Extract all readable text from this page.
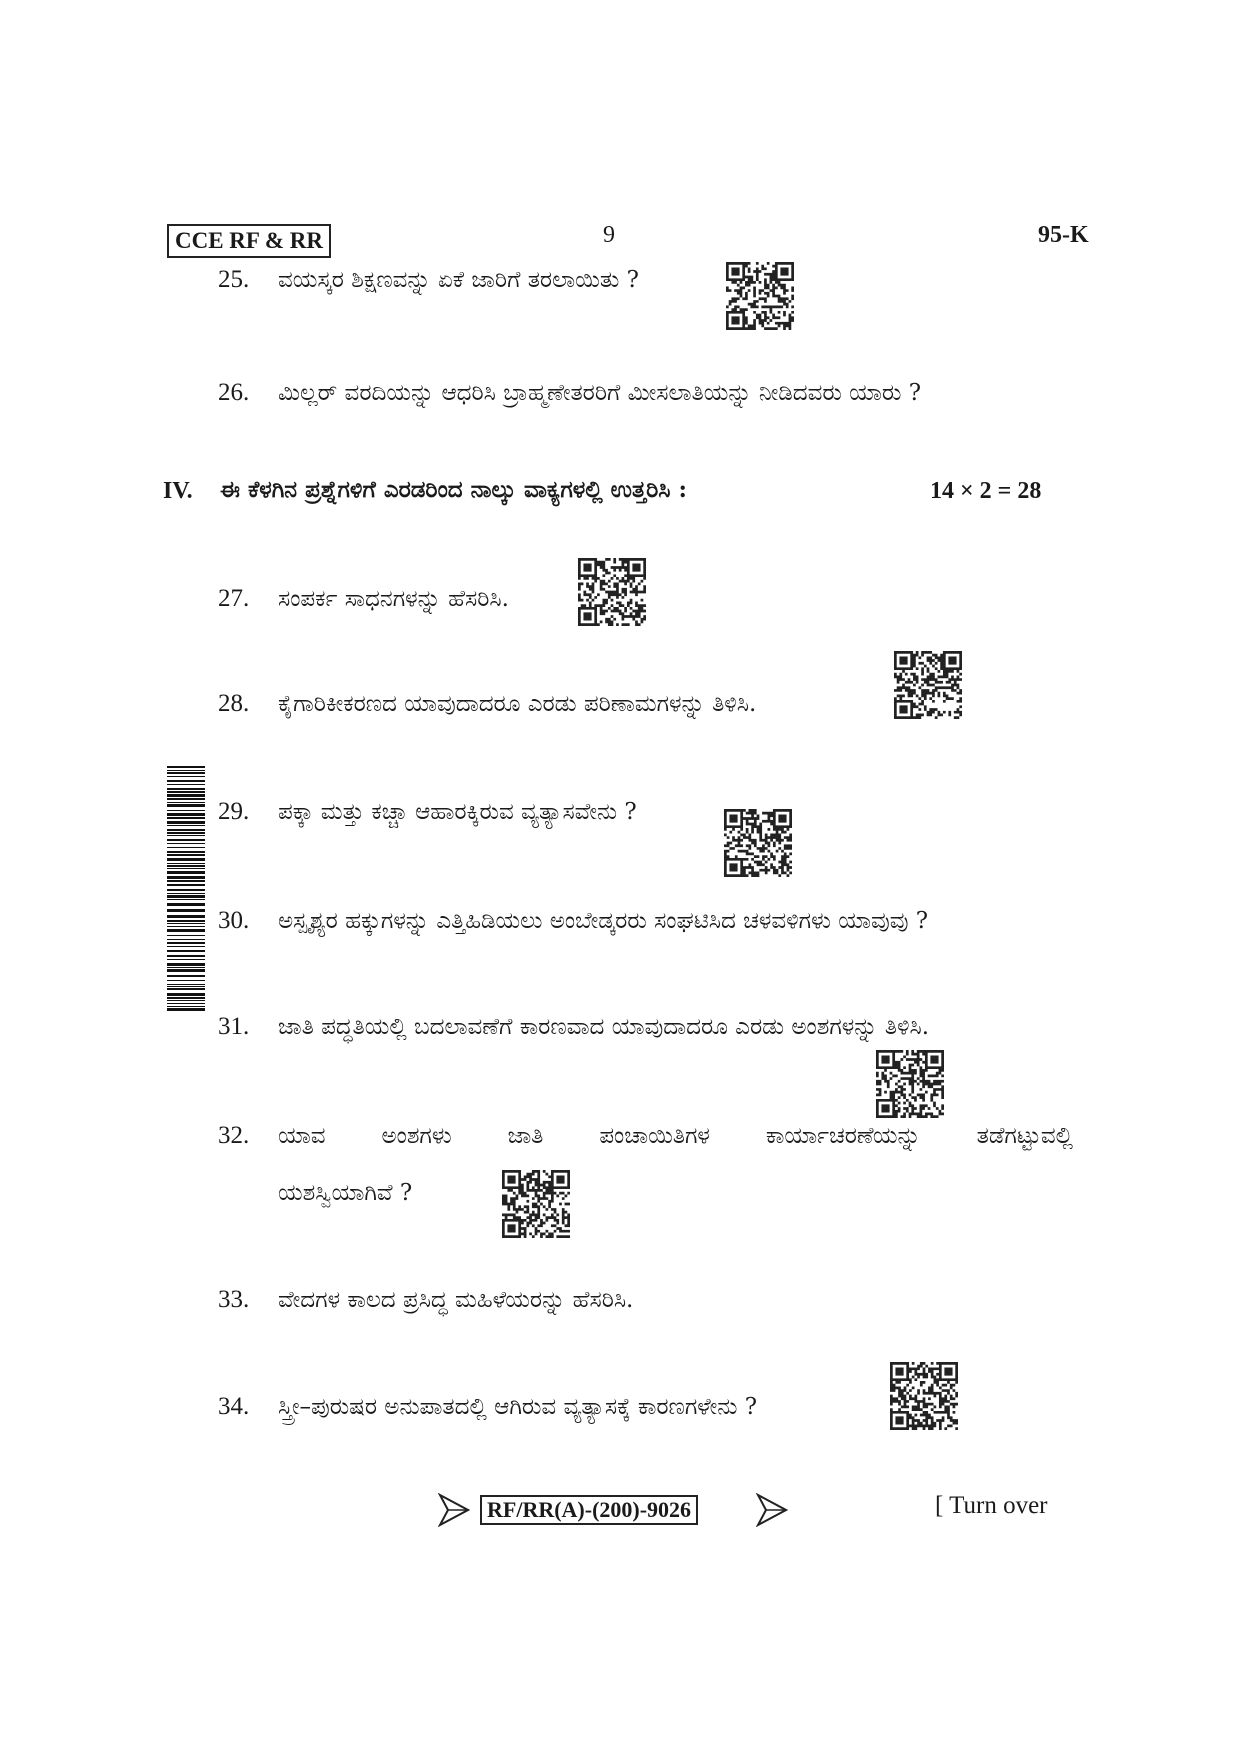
CCE RF & RR	9	95-K
25.	ವಯಸ್ಕರ ಶಿಕ್ಷಣವನ್ನು ಏಕೆ ಜಾರಿಗೆ ತರಲಾಯಿತು ?
26.	ಮಿಲ್ಲರ್ ವರದಿಯನ್ನು ಆಧರಿಸಿ ಬ್ರಾಹ್ಮಣೇತರರಿಗೆ ಮೀಸಲಾತಿಯನ್ನು ನೀಡಿದವರು ಯಾರು ?
IV. ಈ ಕೆಳಗಿನ ಪ್ರಶ್ನೆಗಳಿಗೆ ಎರಡರಿಂದ ನಾಲ್ಕು ವಾಕ್ಯಗಳಲ್ಲಿ ಉತ್ತರಿಸಿ :	14 × 2 = 28
27.	ಸಂಪರ್ಕ ಸಾಧನಗಳನ್ನು ಹೆಸರಿಸಿ.
28.	ಕೈಗಾರಿಕೀಕರಣದ ಯಾವುದಾದರೂ ಎರಡು ಪರಿಣಾಮಗಳನ್ನು ತಿಳಿಸಿ.
29.	ಪಕ್ಕಾ ಮತ್ತು ಕಚ್ಚಾ ಆಹಾರಕ್ಕಿರುವ ವ್ಯತ್ಯಾಸವೇನು ?
30.	ಅಸ್ಪೃಶ್ಯರ ಹಕ್ಕುಗಳನ್ನು ಎತ್ತಿಹಿಡಿಯಲು ಅಂಬೇಡ್ಕರರು ಸಂಘಟಿಸಿದ ಚಳವಳಿಗಳು ಯಾವುವು ?
31.	ಜಾತಿ ಪದ್ಧತಿಯಲ್ಲಿ ಬದಲಾವಣೆಗೆ ಕಾರಣವಾದ ಯಾವುದಾದರೂ ಎರಡು ಅಂಶಗಳನ್ನು ತಿಳಿಸಿ.
32.	ಯಾವ ಅಂಶಗಳು ಜಾತಿ ಪಂಚಾಯಿತಿಗಳ ಕಾರ್ಯಾಚರಣೆಯನ್ನು ತಡೆಗಟ್ಟುವಲ್ಲಿ
ಯಶಸ್ವಿಯಾಗಿವೆ ?
33.	ವೇದಗಳ ಕಾಲದ ಪ್ರಸಿದ್ಧ ಮಹಿಳೆಯರನ್ನು ಹೆಸರಿಸಿ.
34.	ಸ್ತ್ರೀ–ಪುರುಷರ ಅನುಪಾತದಲ್ಲಿ ಆಗಿರುವ ವ್ಯತ್ಯಾಸಕ್ಕೆ ಕಾರಣಗಳೇನು ?
RF/RR(A)-(200)-9026	[ Turn over
